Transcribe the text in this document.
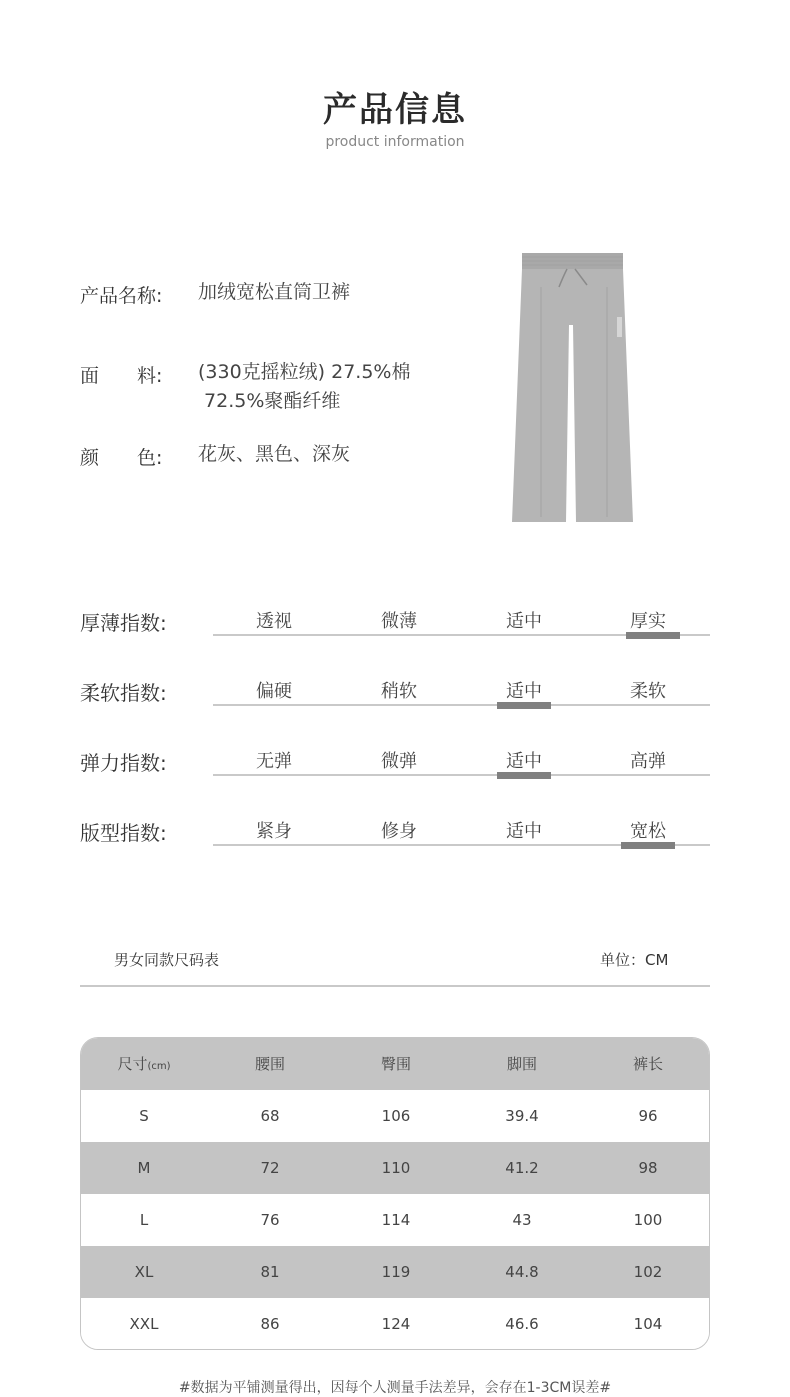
产品信息
product information
产品名称: 加绒宽松直筒卫裤
面　　料: (330克摇粒绒) 27.5%棉
72.5%聚酯纤维
颜　　色: 花灰、黑色、深灰
厚薄指数:	透视	微薄	适中	厚实
柔软指数:	偏硬	稍软	适中	柔软
弹力指数:	无弹	微弹	适中	高弹
版型指数:	紧身	修身	适中	宽松
男女同款尺码表	单位：CM
尺寸(cm)	腰围	臀围	脚围	裤长
S	68	106	39.4	96
M	72	110	41.2	98
L	76	114	43	100
XL	81	119	44.8	102
XXL	86	124	46.6	104
#数据为平铺测量得出，因每个人测量手法差异，会存在1-3CM误差#
